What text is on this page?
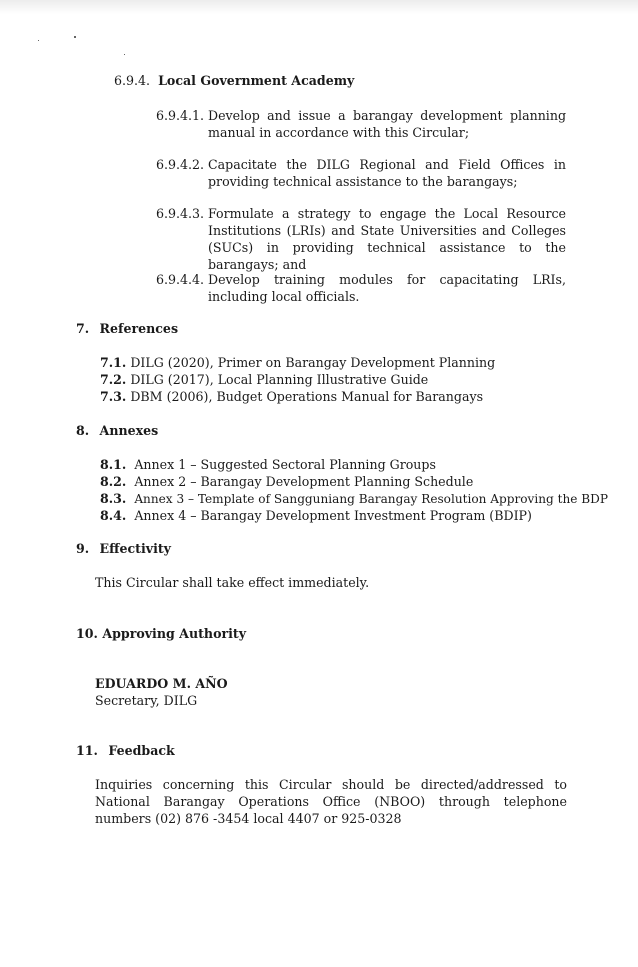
6.9.4. Local Government Academy
6.9.4.1. Develop and issue a barangay development planning manual in accordance with this Circular;
6.9.4.2. Capacitate the DILG Regional and Field Offices in providing technical assistance to the barangays;
6.9.4.3. Formulate a strategy to engage the Local Resource Institutions (LRIs) and State Universities and Colleges (SUCs) in providing technical assistance to the barangays; and
6.9.4.4. Develop training modules for capacitating LRIs, including local officials.
7. References
7.1. DILG (2020), Primer on Barangay Development Planning
7.2. DILG (2017), Local Planning Illustrative Guide
7.3. DBM (2006), Budget Operations Manual for Barangays
8. Annexes
8.1. Annex 1 – Suggested Sectoral Planning Groups
8.2. Annex 2 – Barangay Development Planning Schedule
8.3. Annex 3 – Template of Sangguniang Barangay Resolution Approving the BDP
8.4. Annex 4 – Barangay Development Investment Program (BDIP)
9. Effectivity
This Circular shall take effect immediately.
10. Approving Authority
EDUARDO M. AÑO
Secretary, DILG
11. Feedback
Inquiries concerning this Circular should be directed/addressed to National Barangay Operations Office (NBOO) through telephone numbers (02) 876 -3454 local 4407 or 925-0328
